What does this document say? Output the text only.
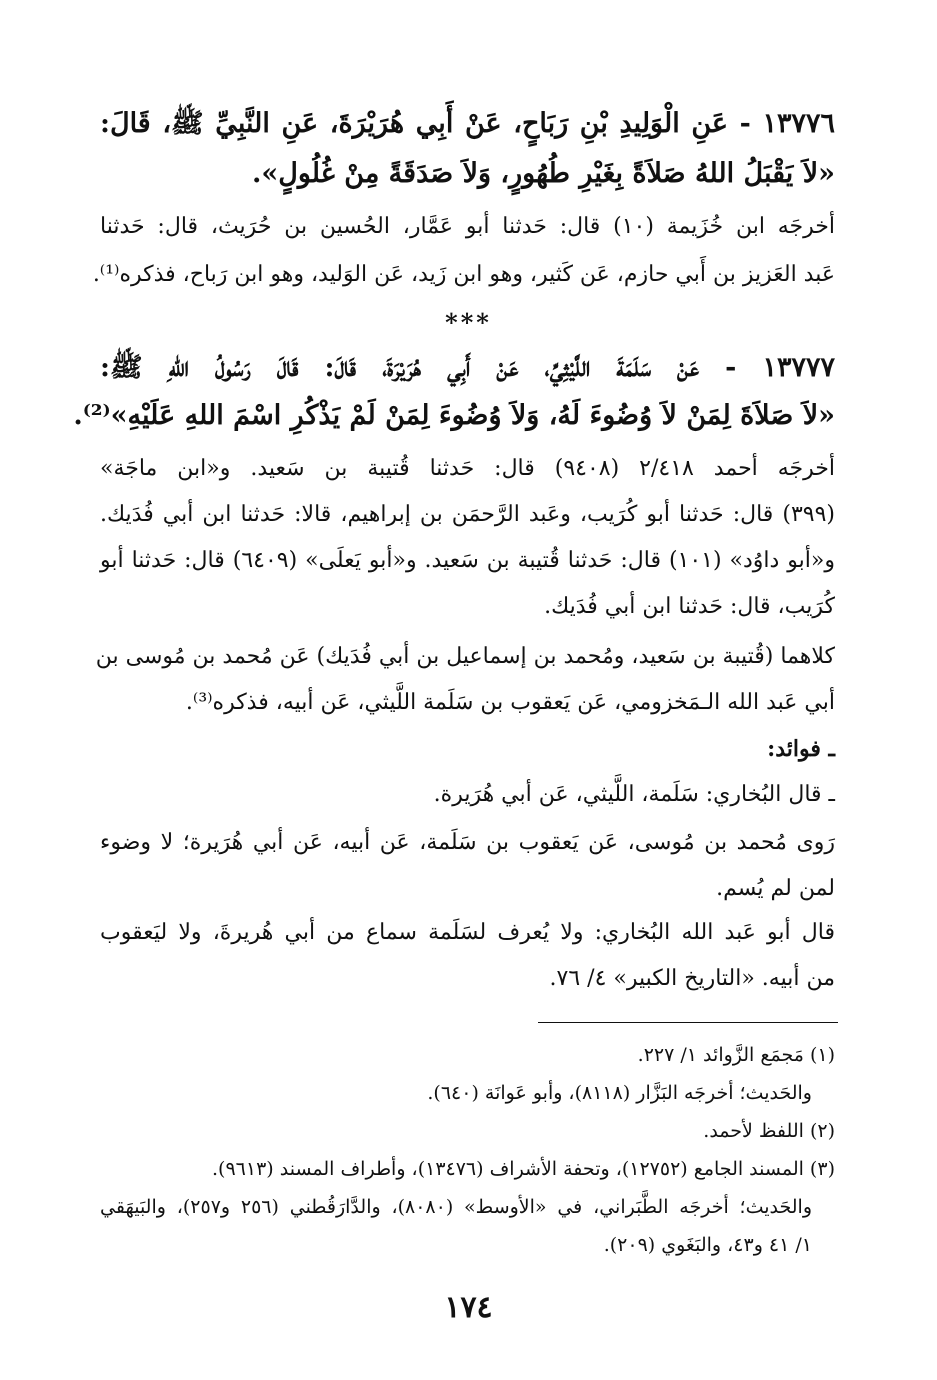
١٣٧٧٦ - عَنِ الْوَلِيدِ بْنِ رَبَاحٍ، عَنْ أَبِي هُرَيْرَةَ، عَنِ النَّبِيِّ ﷺ، قَالَ:
«لاَ يَقْبَلُ اللهُ صَلاَةً بِغَيْرِ طُهُورٍ، وَلاَ صَدَقَةً مِنْ غُلُولٍ».
أخرجَه ابن خُزَيمة (١٠) قال: حَدثنا أبو عَمَّار، الحُسين بن حُرَيث، قال: حَدثنا
عَبد العَزيز بن أَبي حازم، عَن كَثير، وهو ابن زَيد، عَن الوَليد، وهو ابن رَباح، فذكره⁽¹⁾.
***
١٣٧٧٧ - عَنْ سَلَمَةَ اللَّيْثِيِّ، عَنْ أَبِي هُرَيْرَةَ، قَالَ: قَالَ رَسُولُ اللهِ ﷺ:
«لاَ صَلاَةَ لِمَنْ لاَ وُضُوءَ لَهُ، وَلاَ وُضُوءَ لِمَنْ لَمْ يَذْكُرِ اسْمَ اللهِ عَلَيْهِ»⁽²⁾.
أخرجَه أحمد ٢/٤١٨ (٩٤٠٨) قال: حَدثنا قُتيبة بن سَعيد. و«ابن ماجَة»
(٣٩٩) قال: حَدثنا أبو كُرَيب، وعَبد الرَّحمَن بن إبراهيم، قالا: حَدثنا ابن أبي فُدَيك.
و«أبو داوُد» (١٠١) قال: حَدثنا قُتيبة بن سَعيد. و«أبو يَعلَى» (٦٤٠٩) قال: حَدثنا أبو
كُرَيب، قال: حَدثنا ابن أبي فُدَيك.
كلاهما (قُتيبة بن سَعيد، ومُحمد بن إسماعيل بن أبي فُدَيك) عَن مُحمد بن مُوسى بن
أبي عَبد الله الـمَخزومي، عَن يَعقوب بن سَلَمة اللَّيثي، عَن أبيه، فذكره⁽³⁾.
ـ فوائد:
ـ قال البُخاري: سَلَمة، اللَّيثي، عَن أبي هُرَيرة.
رَوى مُحمد بن مُوسى، عَن يَعقوب بن سَلَمة، عَن أبيه، عَن أبي هُرَيرة؛ لا وضوء
لمن لم يُسم.
قال أبو عَبد الله البُخاري: ولا يُعرف لسَلَمة سماع من أبي هُريرةَ، ولا ليَعقوب
من أبيه. «التاريخ الكبير» ٤/ ٧٦.
(١) مَجمَع الزَّوائد ١/ ٢٢٧.
والحَديث؛ أخرجَه البَزَّار (٨١١٨)، وأبو عَوانَة (٦٤٠).
(٢) اللفظ لأحمد.
(٣) المسند الجامع (١٢٧٥٢)، وتحفة الأشراف (١٣٤٧٦)، وأطراف المسند (٩٦١٣).
والحَديث؛ أخرجَه الطَّبَراني، في «الأوسط» (٨٠٨٠)، والدَّارَقُطني (٢٥٦ و٢٥٧)، والبَيهَقي
١/ ٤١ و٤٣، والبَغَوي (٢٠٩).
١٧٤
